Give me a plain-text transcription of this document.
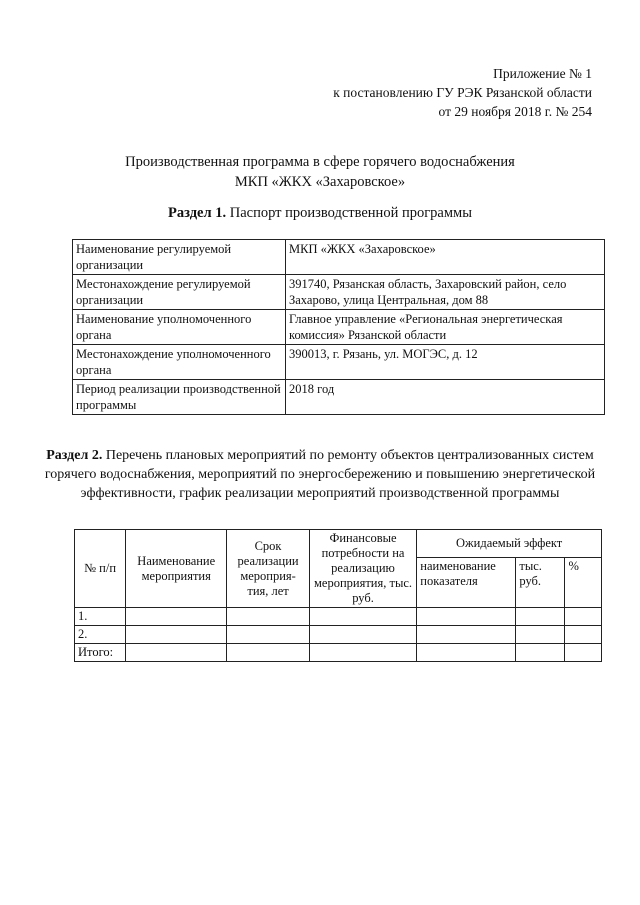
Приложение № 1
к постановлению ГУ РЭК Рязанской области
от 29 ноября 2018 г. № 254
Производственная программа в сфере горячего водоснабжения
МКП «ЖКХ «Захаровское»
Раздел 1. Паспорт производственной программы
Наименование регулируемой организации	МКП «ЖКХ «Захаровское»
Местонахождение регулируемой организации	391740, Рязанская область, Захаровский район, село Захарово, улица Центральная, дом 88
Наименование уполномоченного органа	Главное управление «Региональная энергетическая комиссия» Рязанской области
Местонахождение уполномоченного органа	390013, г. Рязань, ул. МОГЭС, д. 12
Период реализации производственной программы	2018 год
Раздел 2. Перечень плановых мероприятий по ремонту объектов централизованных систем горячего водоснабжения, мероприятий по энергосбережению и повышению энергетической эффективности, график реализации мероприятий производственной программы
№ п/п	Наименование мероприятия	Срок реализации мероприя-тия, лет	Финансовые потребности на реализацию мероприятия, тыс. руб.	Ожидаемый эффект		
				наименование показателя	тыс. руб.	%
1.						
2.						
Итого:						
